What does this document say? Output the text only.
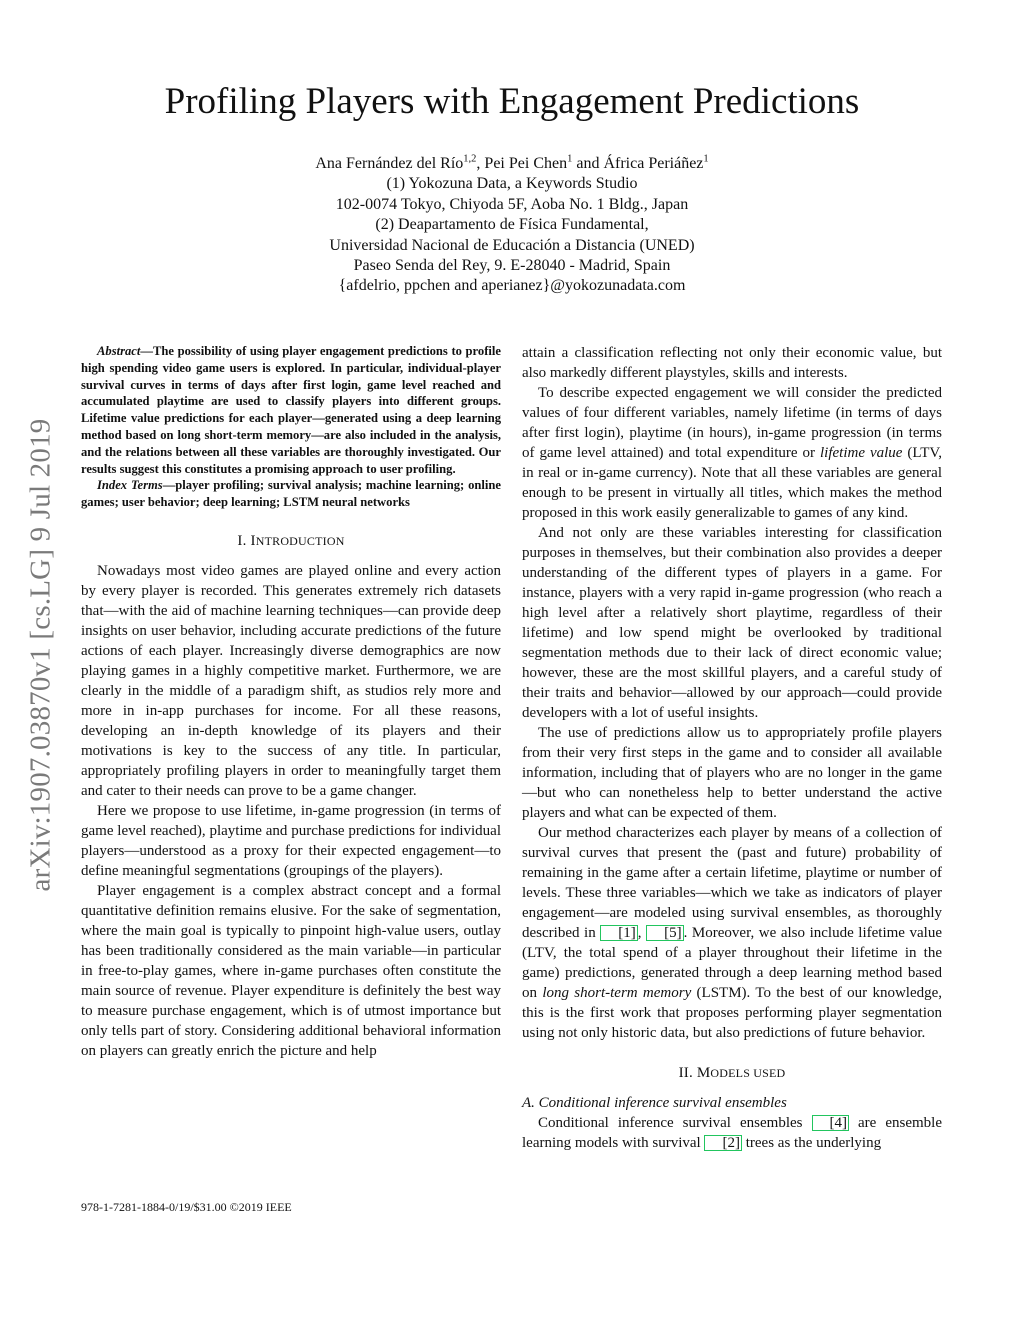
Profiling Players with Engagement Predictions
Ana Fernández del Río$^{1,2}$, Pei Pei Chen$^1$ and África Periáñez$^1$
(1) Yokozuna Data, a Keywords Studio
102-0074 Tokyo, Chiyoda 5F, Aoba No. 1 Bldg., Japan
(2) Deapartamento de Física Fundamental,
Universidad Nacional de Educación a Distancia (UNED)
Paseo Senda del Rey, 9. E-28040 - Madrid, Spain
{afdelrio, ppchen and aperianez}@yokozunadata.com
arXiv:1907.03870v1 [cs.LG] 9 Jul 2019

Abstract—The possibility of using player engagement predictions to profile high spending video game users is explored. In particular, individual-player survival curves in terms of days after first login, game level reached and accumulated playtime are used to classify players into different groups. Lifetime value predictions for each player—generated using a deep learning method based on long short-term memory—are also included in the analysis, and the relations between all these variables are thoroughly investigated. Our results suggest this constitutes a promising approach to user profiling.

Index Terms—player profiling; survival analysis; machine learning; online games; user behavior; deep learning; LSTM neural networks

I. INTRODUCTION

Nowadays most video games are played online and every action by every player is recorded. This generates extremely rich datasets that—with the aid of machine learning techniques—can provide deep insights on user behavior, including accurate predictions of the future actions of each player. Increasingly diverse demographics are now playing games in a highly competitive market. Furthermore, we are clearly in the middle of a paradigm shift, as studios rely more and more in in-app purchases for income. For all these reasons, developing an in-depth knowledge of its players and their motivations is key to the success of any title. In particular, appropriately profiling players in order to meaningfully target them and cater to their needs can prove to be a game changer.

Here we propose to use lifetime, in-game progression (in terms of game level reached), playtime and purchase predictions for individual players—understood as a proxy for their expected engagement—to define meaningful segmentations (groupings of the players).

Player engagement is a complex abstract concept and a formal quantitative definition remains elusive. For the sake of segmentation, where the main goal is typically to pinpoint high-value users, outlay has been traditionally considered as the main variable—in particular in free-to-play games, where in-game purchases often constitute the main source of revenue. Player expenditure is definitely the best way to measure purchase engagement, which is of utmost importance but only tells part of story. Considering additional behavioral information on players can greatly enrich the picture and help

attain a classification reflecting not only their economic value, but also markedly different playstyles, skills and interests.

To describe expected engagement we will consider the predicted values of four different variables, namely lifetime (in terms of days after first login), playtime (in hours), in-game progression (in terms of game level attained) and total expenditure or lifetime value (LTV, in real or in-game currency). Note that all these variables are general enough to be present in virtually all titles, which makes the method proposed in this work easily generalizable to games of any kind.

And not only are these variables interesting for classification purposes in themselves, but their combination also provides a deeper understanding of the different types of players in a game. For instance, players with a very rapid in-game progression (who reach a high level after a relatively short playtime, regardless of their lifetime) and low spend might be overlooked by traditional segmentation methods due to their lack of direct economic value; however, these are the most skillful players, and a careful study of their traits and behavior—allowed by our approach—could provide developers with a lot of useful insights.

The use of predictions allow us to appropriately profile players from their very first steps in the game and to consider all available information, including that of players who are no longer in the game—but who can nonetheless help to better understand the active players and what can be expected of them.

Our method characterizes each player by means of a collection of survival curves that present the (past and future) probability of remaining in the game after a certain lifetime, playtime or number of levels. These three variables—which we take as indicators of player engagement—are modeled using survival ensembles, as thoroughly described in [1] , [5] . Moreover, we also include lifetime value (LTV, the total spend of a player throughout their lifetime in the game) predictions, generated through a deep learning method based on long short-term memory (LSTM). To the best of our knowledge, this is the first work that proposes performing player segmentation using not only historic data, but also predictions of future behavior.

II. MODELS USED

A. Conditional inference survival ensembles

Conditional inference survival ensembles [4] are ensemble learning models with survival [2] trees as the underlying

978-1-7281-1884-0/19/$31.00 ©2019 IEEE
